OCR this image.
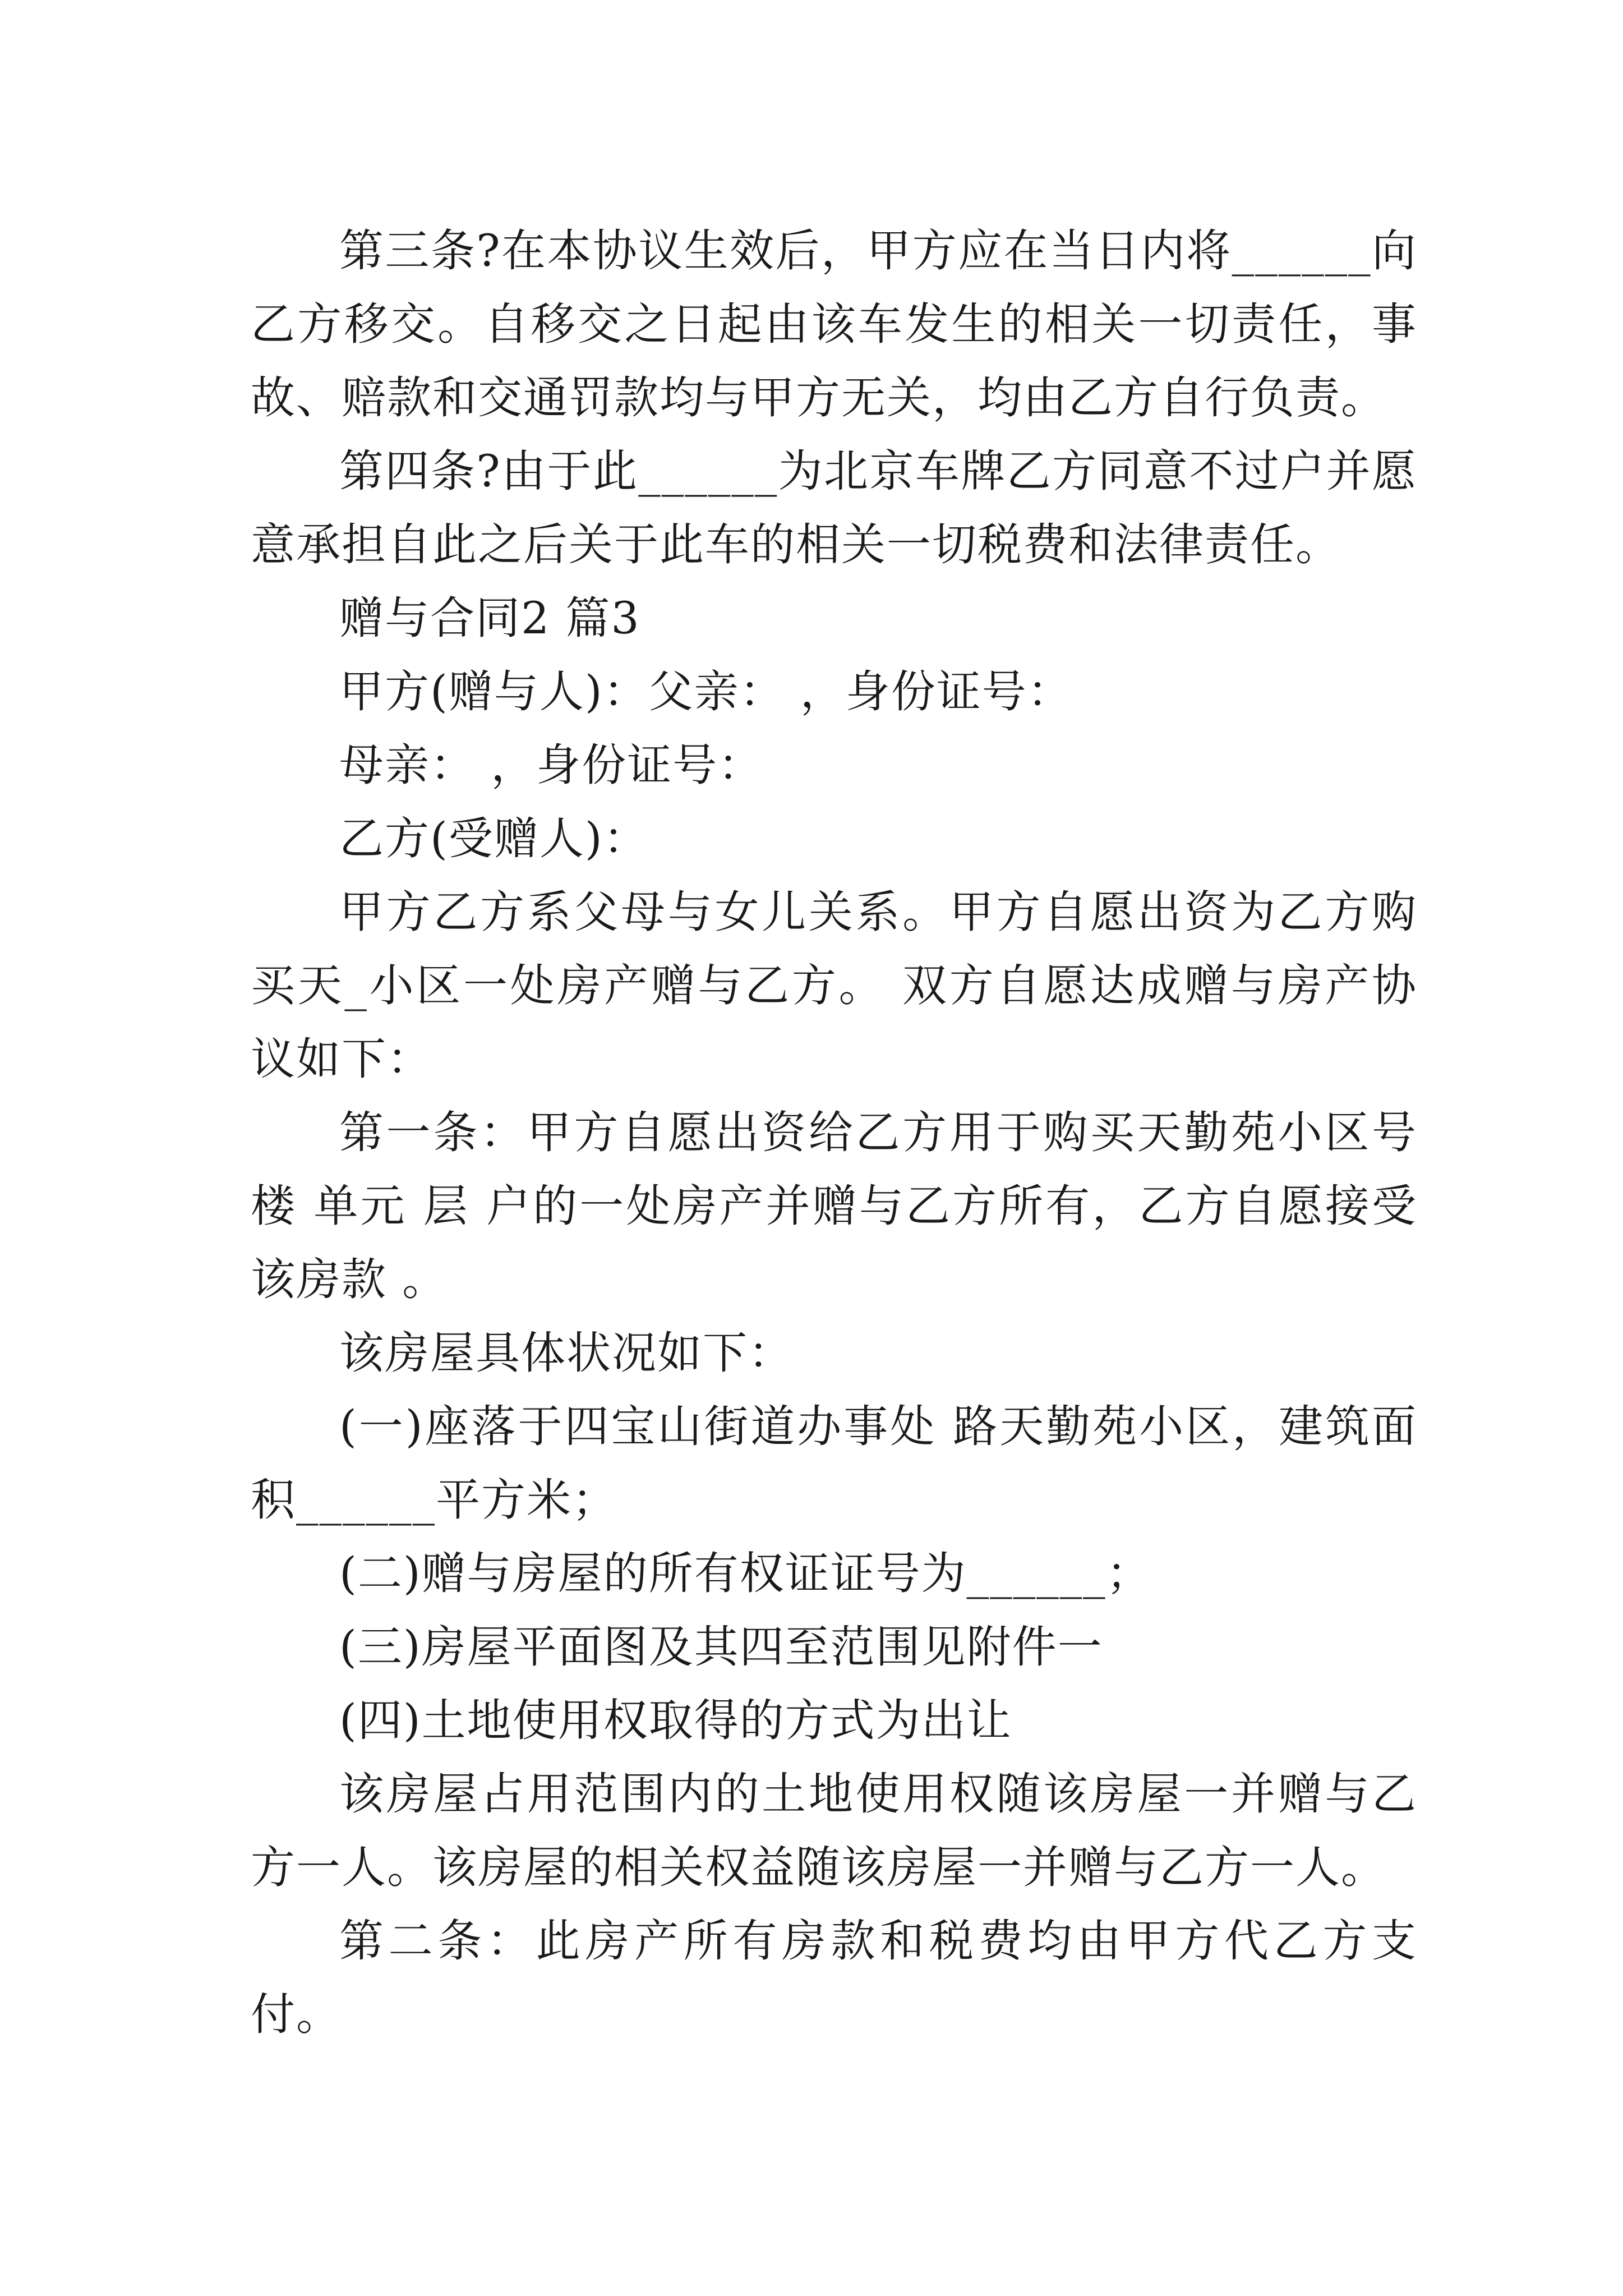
第三条?在本协议生效后，甲方应在当日内将______向乙方移交。自移交之日起由该车发生的相关一切责任，事故、赔款和交通罚款均与甲方无关，均由乙方自行负责。

第四条?由于此______为北京车牌乙方同意不过户并愿意承担自此之后关于此车的相关一切税费和法律责任。

赠与合同2 篇3

甲方(赠与人)：父亲： ，身份证号：

母亲： ，身份证号：

乙方(受赠人)：

甲方乙方系父母与女儿关系。甲方自愿出资为乙方购买天_小区一处房产赠与乙方。 双方自愿达成赠与房产协议如下：

第一条：甲方自愿出资给乙方用于购买天勤苑小区号楼 单元 层 户的一处房产并赠与乙方所有，乙方自愿接受该房款 。

该房屋具体状况如下：

(一)座落于四宝山街道办事处 路天勤苑小区，建筑面积______平方米；

(二)赠与房屋的所有权证证号为______；

(三)房屋平面图及其四至范围见附件一

(四)土地使用权取得的方式为出让

该房屋占用范围内的土地使用权随该房屋一并赠与乙方一人。该房屋的相关权益随该房屋一并赠与乙方一人。

第二条：此房产所有房款和税费均由甲方代乙方支付。
